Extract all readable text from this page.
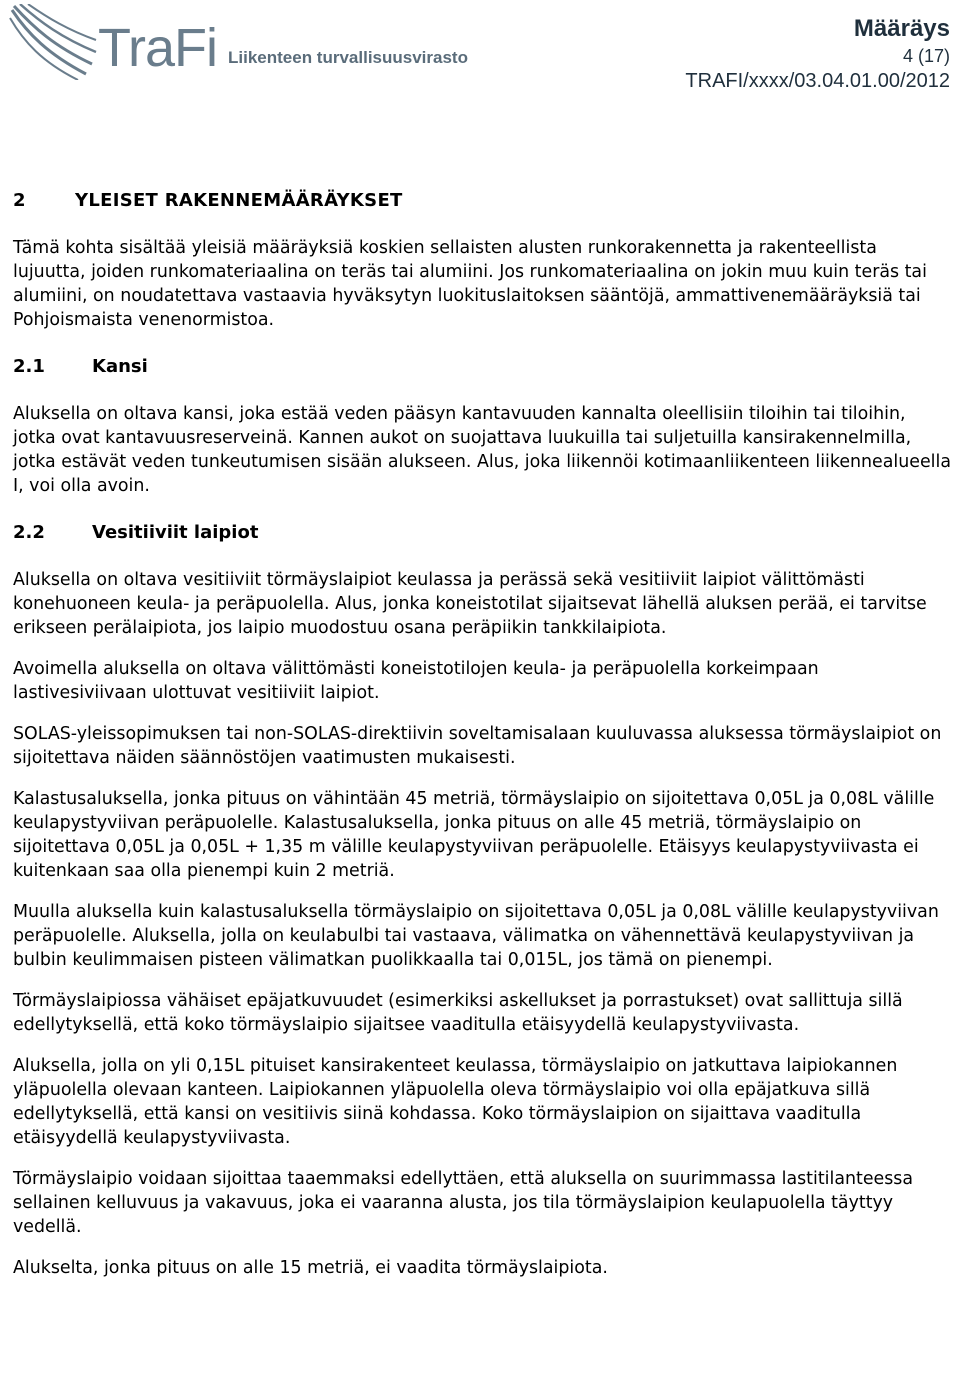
TraFi Liikenteen turvallisuusvirasto
Määräys
4 (17)
TRAFI/xxxx/03.04.01.00/2012
2	YLEISET RAKENNEMÄÄRÄYKSET

Tämä kohta sisältää yleisiä määräyksiä koskien sellaisten alusten runkorakennetta ja rakenteellista lujuutta, joiden runkomateriaalina on teräs tai alumiini. Jos runkomateriaalina on jokin muu kuin teräs tai alumiini, on noudatettava vastaavia hyväksytyn luokituslaitoksen sääntöjä, ammattivenemääräyksiä tai Pohjoismaista venenormistoa.

2.1	Kansi

Aluksella on oltava kansi, joka estää veden pääsyn kantavuuden kannalta oleellisiin tiloihin tai tiloihin, jotka ovat kantavuusreserveinä. Kannen aukot on suojattava luukuilla tai suljetuilla kansirakennelmilla, jotka estävät veden tunkeutumisen sisään alukseen. Alus, joka liikennöi kotimaanliikenteen liikennealueella I, voi olla avoin.

2.2	Vesitiiviit laipiot

Aluksella on oltava vesitiiviit törmäyslaipiot keulassa ja perässä sekä vesitiiviit laipiot välittömästi konehuoneen keula- ja peräpuolella. Alus, jonka koneistotilat sijaitsevat lähellä aluksen perää, ei tarvitse erikseen perälaipiota, jos laipio muodostuu osana peräpiikin tankkilaipiota.

Avoimella aluksella on oltava välittömästi koneistotilojen keula- ja peräpuolella korkeimpaan lastivesiviivaan ulottuvat vesitiiviit laipiot.

SOLAS-yleissopimuksen tai non-SOLAS-direktiivin soveltamisalaan kuuluvassa aluksessa törmäyslaipiot on sijoitettava näiden säännöstöjen vaatimusten mukaisesti.

Kalastusaluksella, jonka pituus on vähintään 45 metriä, törmäyslaipio on sijoitettava 0,05L ja 0,08L välille keulapystyviivan peräpuolelle. Kalastusaluksella, jonka pituus on alle 45 metriä, törmäyslaipio on sijoitettava 0,05L ja 0,05L + 1,35 m välille keulapystyviivan peräpuolelle. Etäisyys keulapystyviivasta ei kuitenkaan saa olla pienempi kuin 2 metriä.

Muulla aluksella kuin kalastusaluksella törmäyslaipio on sijoitettava 0,05L ja 0,08L välille keulapystyviivan peräpuolelle. Aluksella, jolla on keulabulbi tai vastaava, välimatka on vähennettävä keulapystyviivan ja bulbin keulimmaisen pisteen välimatkan puolikkaalla tai 0,015L, jos tämä on pienempi.

Törmäyslaipiossa vähäiset epäjatkuvuudet (esimerkiksi askellukset ja porrastukset) ovat sallittuja sillä edellytyksellä, että koko törmäyslaipio sijaitsee vaaditulla etäisyydellä keulapystyviivasta.

Aluksella, jolla on yli 0,15L pituiset kansirakenteet keulassa, törmäyslaipio on jatkuttava laipiokannen yläpuolella olevaan kanteen. Laipiokannen yläpuolella oleva törmäyslaipio voi olla epäjatkuva sillä edellytyksellä, että kansi on vesitiivis siinä kohdassa. Koko törmäyslaipion on sijaittava vaaditulla etäisyydellä keulapystyviivasta.

Törmäyslaipio voidaan sijoittaa taaemmaksi edellyttäen, että aluksella on suurimmassa lastitilanteessa sellainen kelluvuus ja vakavuus, joka ei vaaranna alusta, jos tila törmäyslaipion keulapuolella täyttyy vedellä.

Alukselta, jonka pituus on alle 15 metriä, ei vaadita törmäyslaipiota.
